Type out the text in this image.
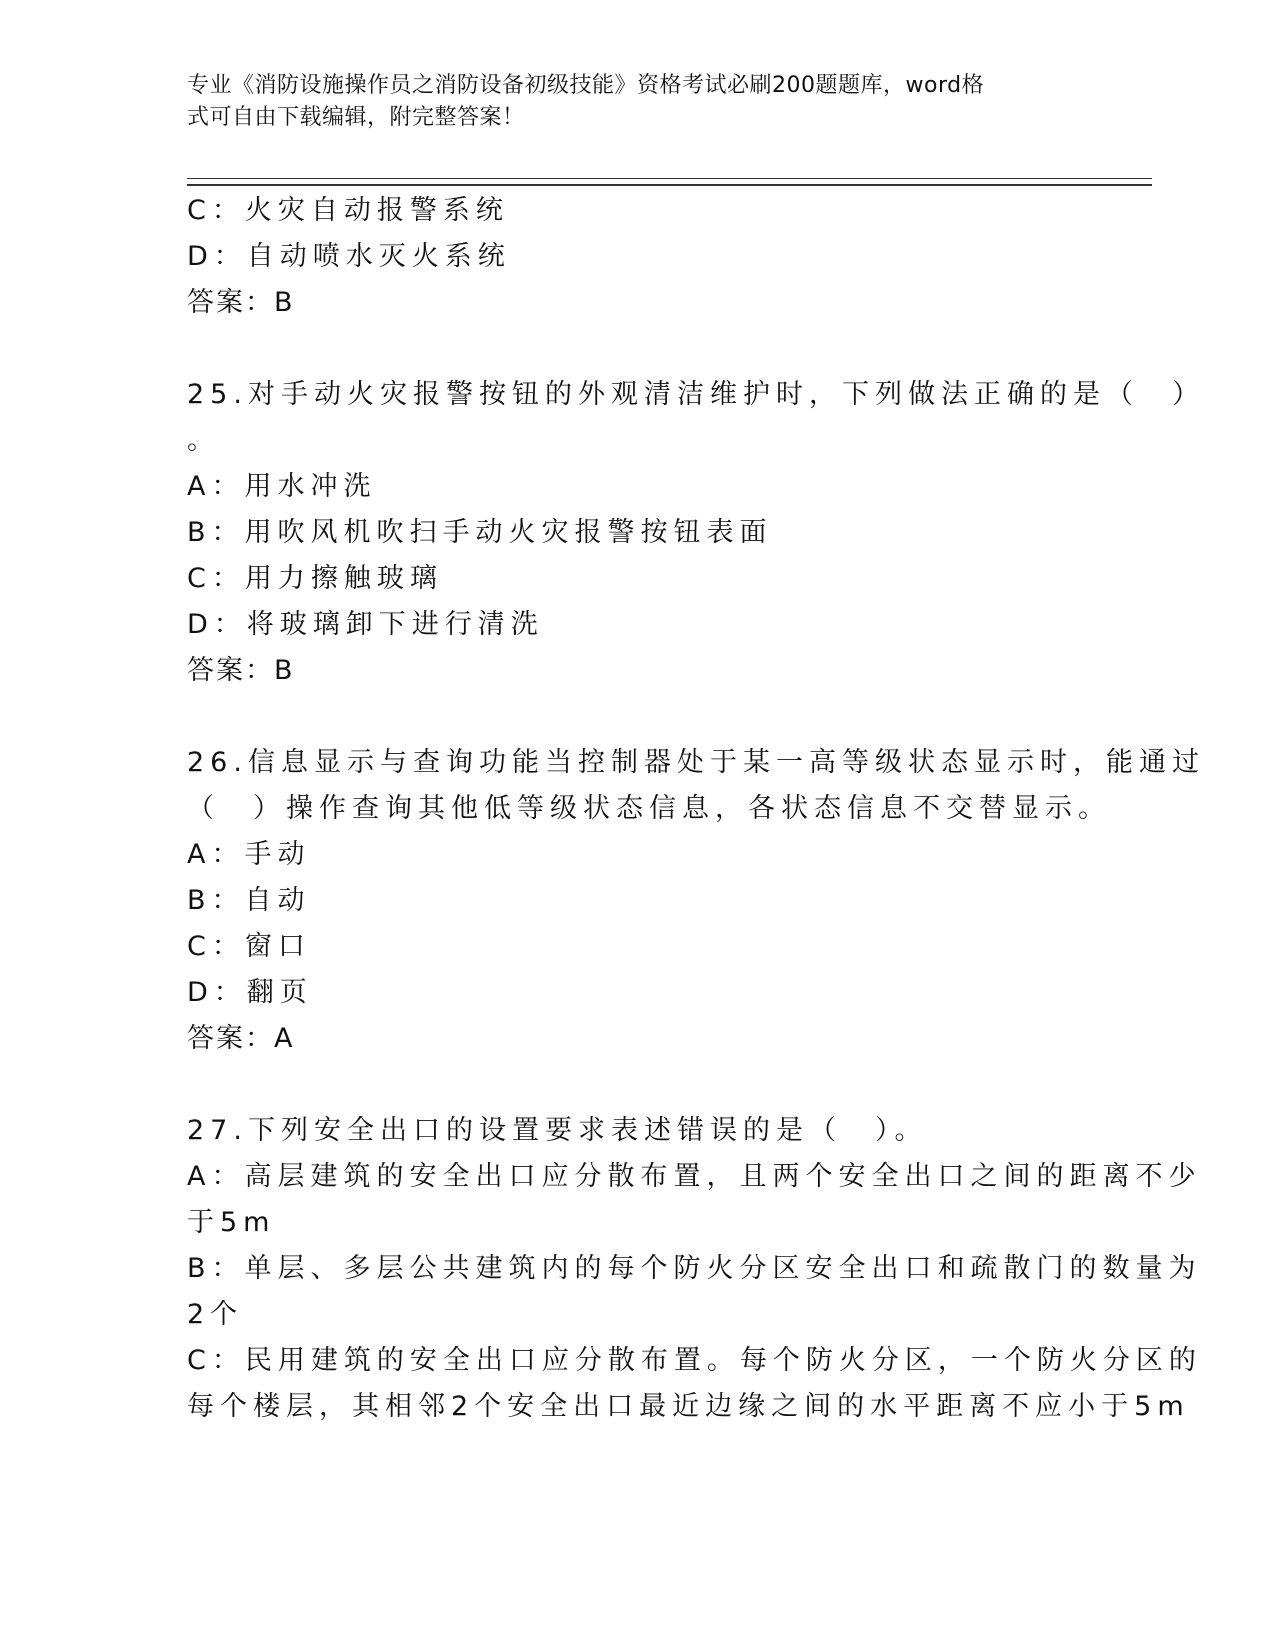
专业《消防设施操作员之消防设备初级技能》资格考试必刷200题题库，word格
式可自由下载编辑，附完整答案！
C：火灾自动报警系统
D：自动喷水灭火系统
答案：B
25.对手动火灾报警按钮的外观清洁维护时，下列做法正确的是（　）
。
A：用水冲洗
B：用吹风机吹扫手动火灾报警按钮表面
C：用力擦触玻璃
D：将玻璃卸下进行清洗
答案：B
26.信息显示与查询功能当控制器处于某一高等级状态显示时，能通过
（　）操作查询其他低等级状态信息，各状态信息不交替显示。
A：手动
B：自动
C：窗口
D：翻页
答案：A
27.下列安全出口的设置要求表述错误的是（　）。
A：高层建筑的安全出口应分散布置，且两个安全出口之间的距离不少
于5m
B：单层、多层公共建筑内的每个防火分区安全出口和疏散门的数量为
2个
C：民用建筑的安全出口应分散布置。每个防火分区，一个防火分区的
每个楼层，其相邻2个安全出口最近边缘之间的水平距离不应小于5m
